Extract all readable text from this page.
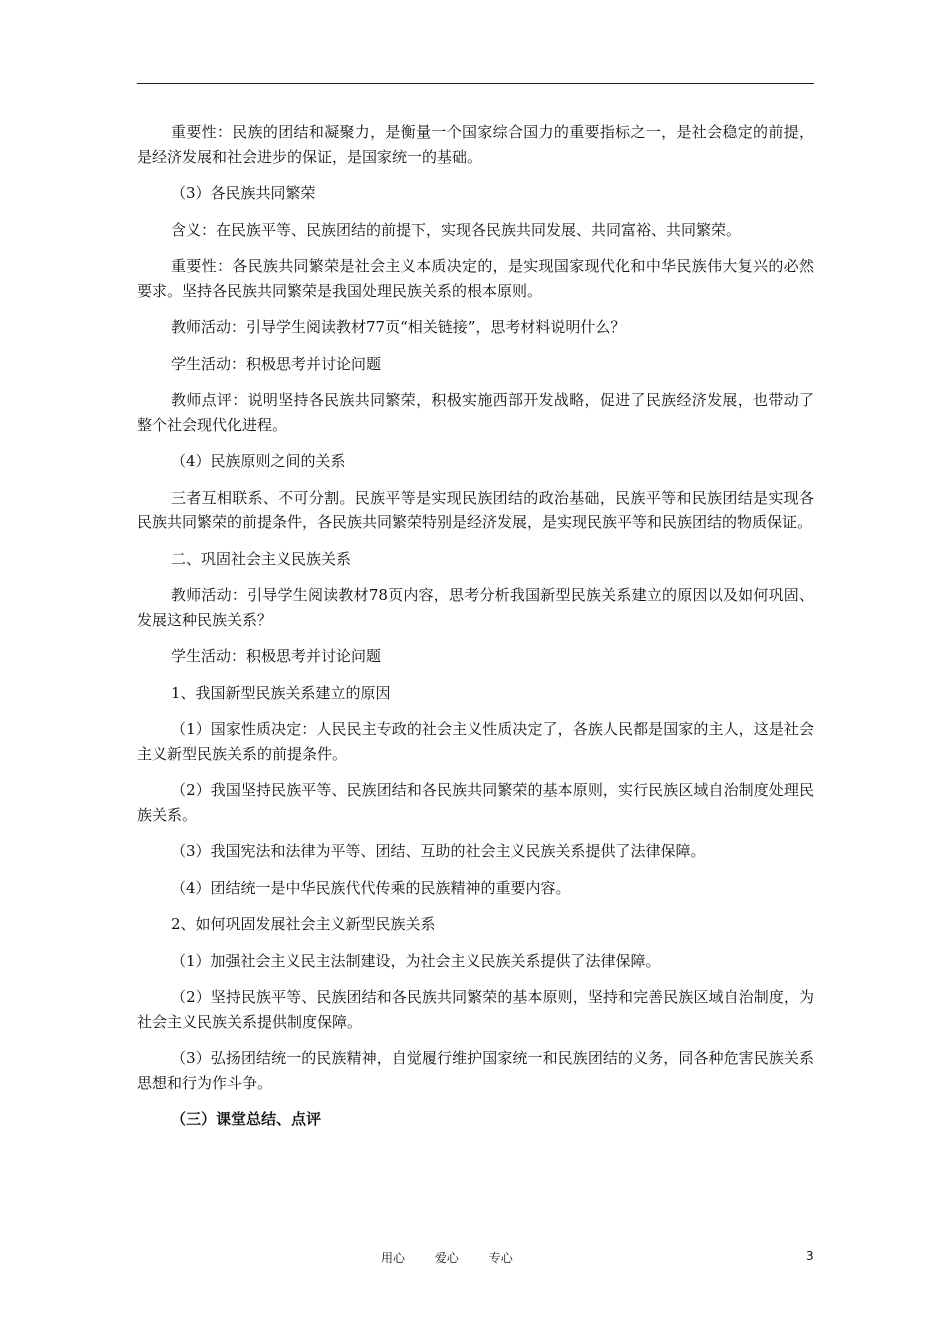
重要性：民族的团结和凝聚力，是衡量一个国家综合国力的重要指标之一，是社会稳定的前提，是经济发展和社会进步的保证，是国家统一的基础。

（3）各民族共同繁荣

含义：在民族平等、民族团结的前提下，实现各民族共同发展、共同富裕、共同繁荣。

重要性：各民族共同繁荣是社会主义本质决定的，是实现国家现代化和中华民族伟大复兴的必然要求。坚持各民族共同繁荣是我国处理民族关系的根本原则。

教师活动：引导学生阅读教材77页“相关链接”，思考材料说明什么？

学生活动：积极思考并讨论问题

教师点评：说明坚持各民族共同繁荣，积极实施西部开发战略，促进了民族经济发展，也带动了整个社会现代化进程。

（4）民族原则之间的关系

三者互相联系、不可分割。民族平等是实现民族团结的政治基础，民族平等和民族团结是实现各民族共同繁荣的前提条件，各民族共同繁荣特别是经济发展，是实现民族平等和民族团结的物质保证。

二、巩固社会主义民族关系

教师活动：引导学生阅读教材78页内容，思考分析我国新型民族关系建立的原因以及如何巩固、发展这种民族关系？

学生活动：积极思考并讨论问题

1、我国新型民族关系建立的原因

（1）国家性质决定：人民民主专政的社会主义性质决定了，各族人民都是国家的主人，这是社会主义新型民族关系的前提条件。

（2）我国坚持民族平等、民族团结和各民族共同繁荣的基本原则，实行民族区域自治制度处理民族关系。

（3）我国宪法和法律为平等、团结、互助的社会主义民族关系提供了法律保障。

（4）团结统一是中华民族代代传乘的民族精神的重要内容。

2、如何巩固发展社会主义新型民族关系

（1）加强社会主义民主法制建设，为社会主义民族关系提供了法律保障。

（2）坚持民族平等、民族团结和各民族共同繁荣的基本原则，坚持和完善民族区域自治制度，为社会主义民族关系提供制度保障。

（3）弘扬团结统一的民族精神，自觉履行维护国家统一和民族团结的义务，同各种危害民族关系思想和行为作斗争。

（三）课堂总结、点评

用心 爱心 专心	3
